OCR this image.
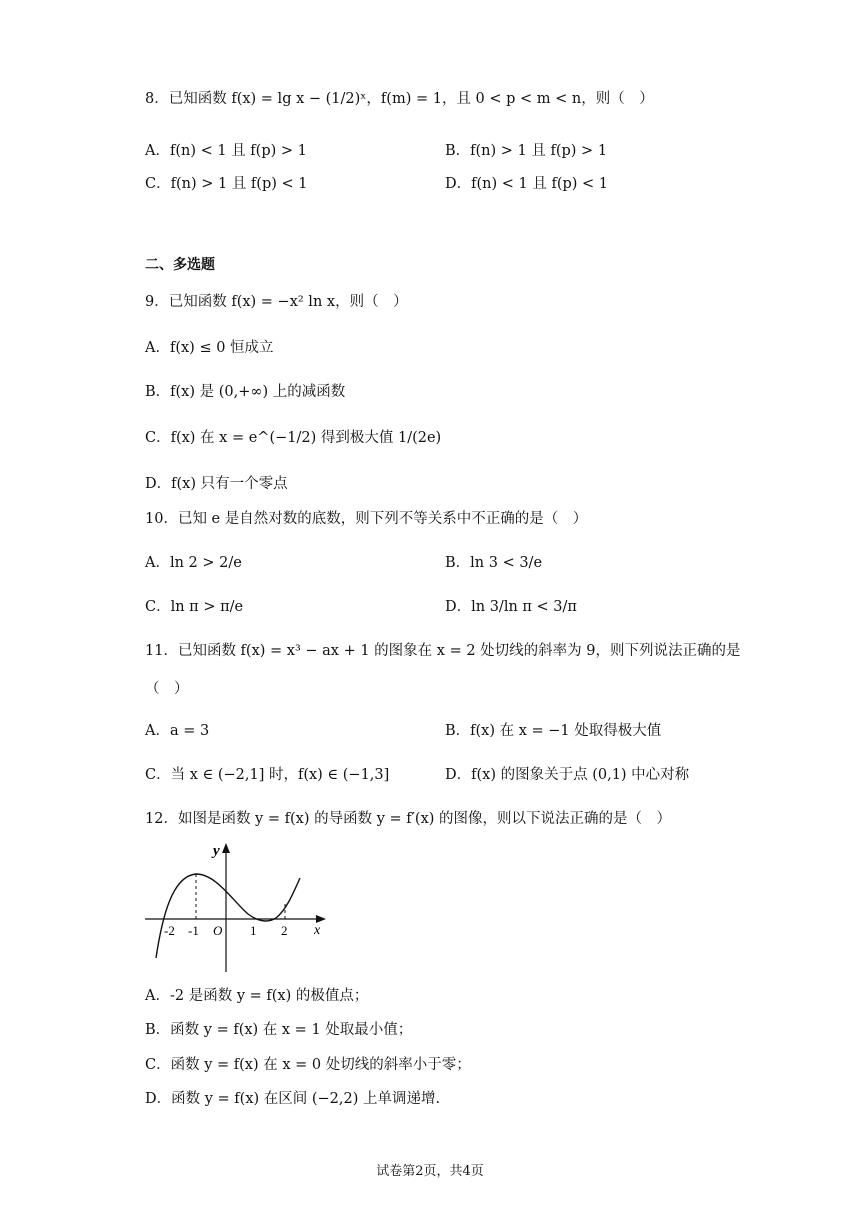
8．已知函数 f(x) = lg x − (1/2)ˣ，f(m) = 1，且 0 < p < m < n，则（　）
A．f(n) < 1 且 f(p) > 1	B．f(n) > 1 且 f(p) > 1
C．f(n) > 1 且 f(p) < 1	D．f(n) < 1 且 f(p) < 1
二、多选题
9．已知函数 f(x) = −x² ln x，则（　）
A．f(x) ≤ 0 恒成立
B．f(x) 是 (0,+∞) 上的减函数
C．f(x) 在 x = e^(−1/2) 得到极大值 1/(2e)
D．f(x) 只有一个零点
10．已知 e 是自然对数的底数，则下列不等关系中不正确的是（　）
A．ln 2 > 2/e	B．ln 3 < 3/e
C．ln π > π/e	D．ln 3/ln π < 3/π
11．已知函数 f(x) = x³ − ax + 1 的图象在 x = 2 处切线的斜率为 9，则下列说法正确的是
（　）
A．a = 3	B．f(x) 在 x = −1 处取得极大值
C．当 x ∈ (−2,1] 时，f(x) ∈ (−1,3]	D．f(x) 的图象关于点 (0,1) 中心对称
12．如图是函数 y = f(x) 的导函数 y = f′(x) 的图像，则以下说法正确的是（　）
y
x
O
-2 -1	1 2
A．-2 是函数 y = f(x) 的极值点；
B．函数 y = f(x) 在 x = 1 处取最小值；
C．函数 y = f(x) 在 x = 0 处切线的斜率小于零；
D．函数 y = f(x) 在区间 (−2,2) 上单调递增.
试卷第2页，共4页
